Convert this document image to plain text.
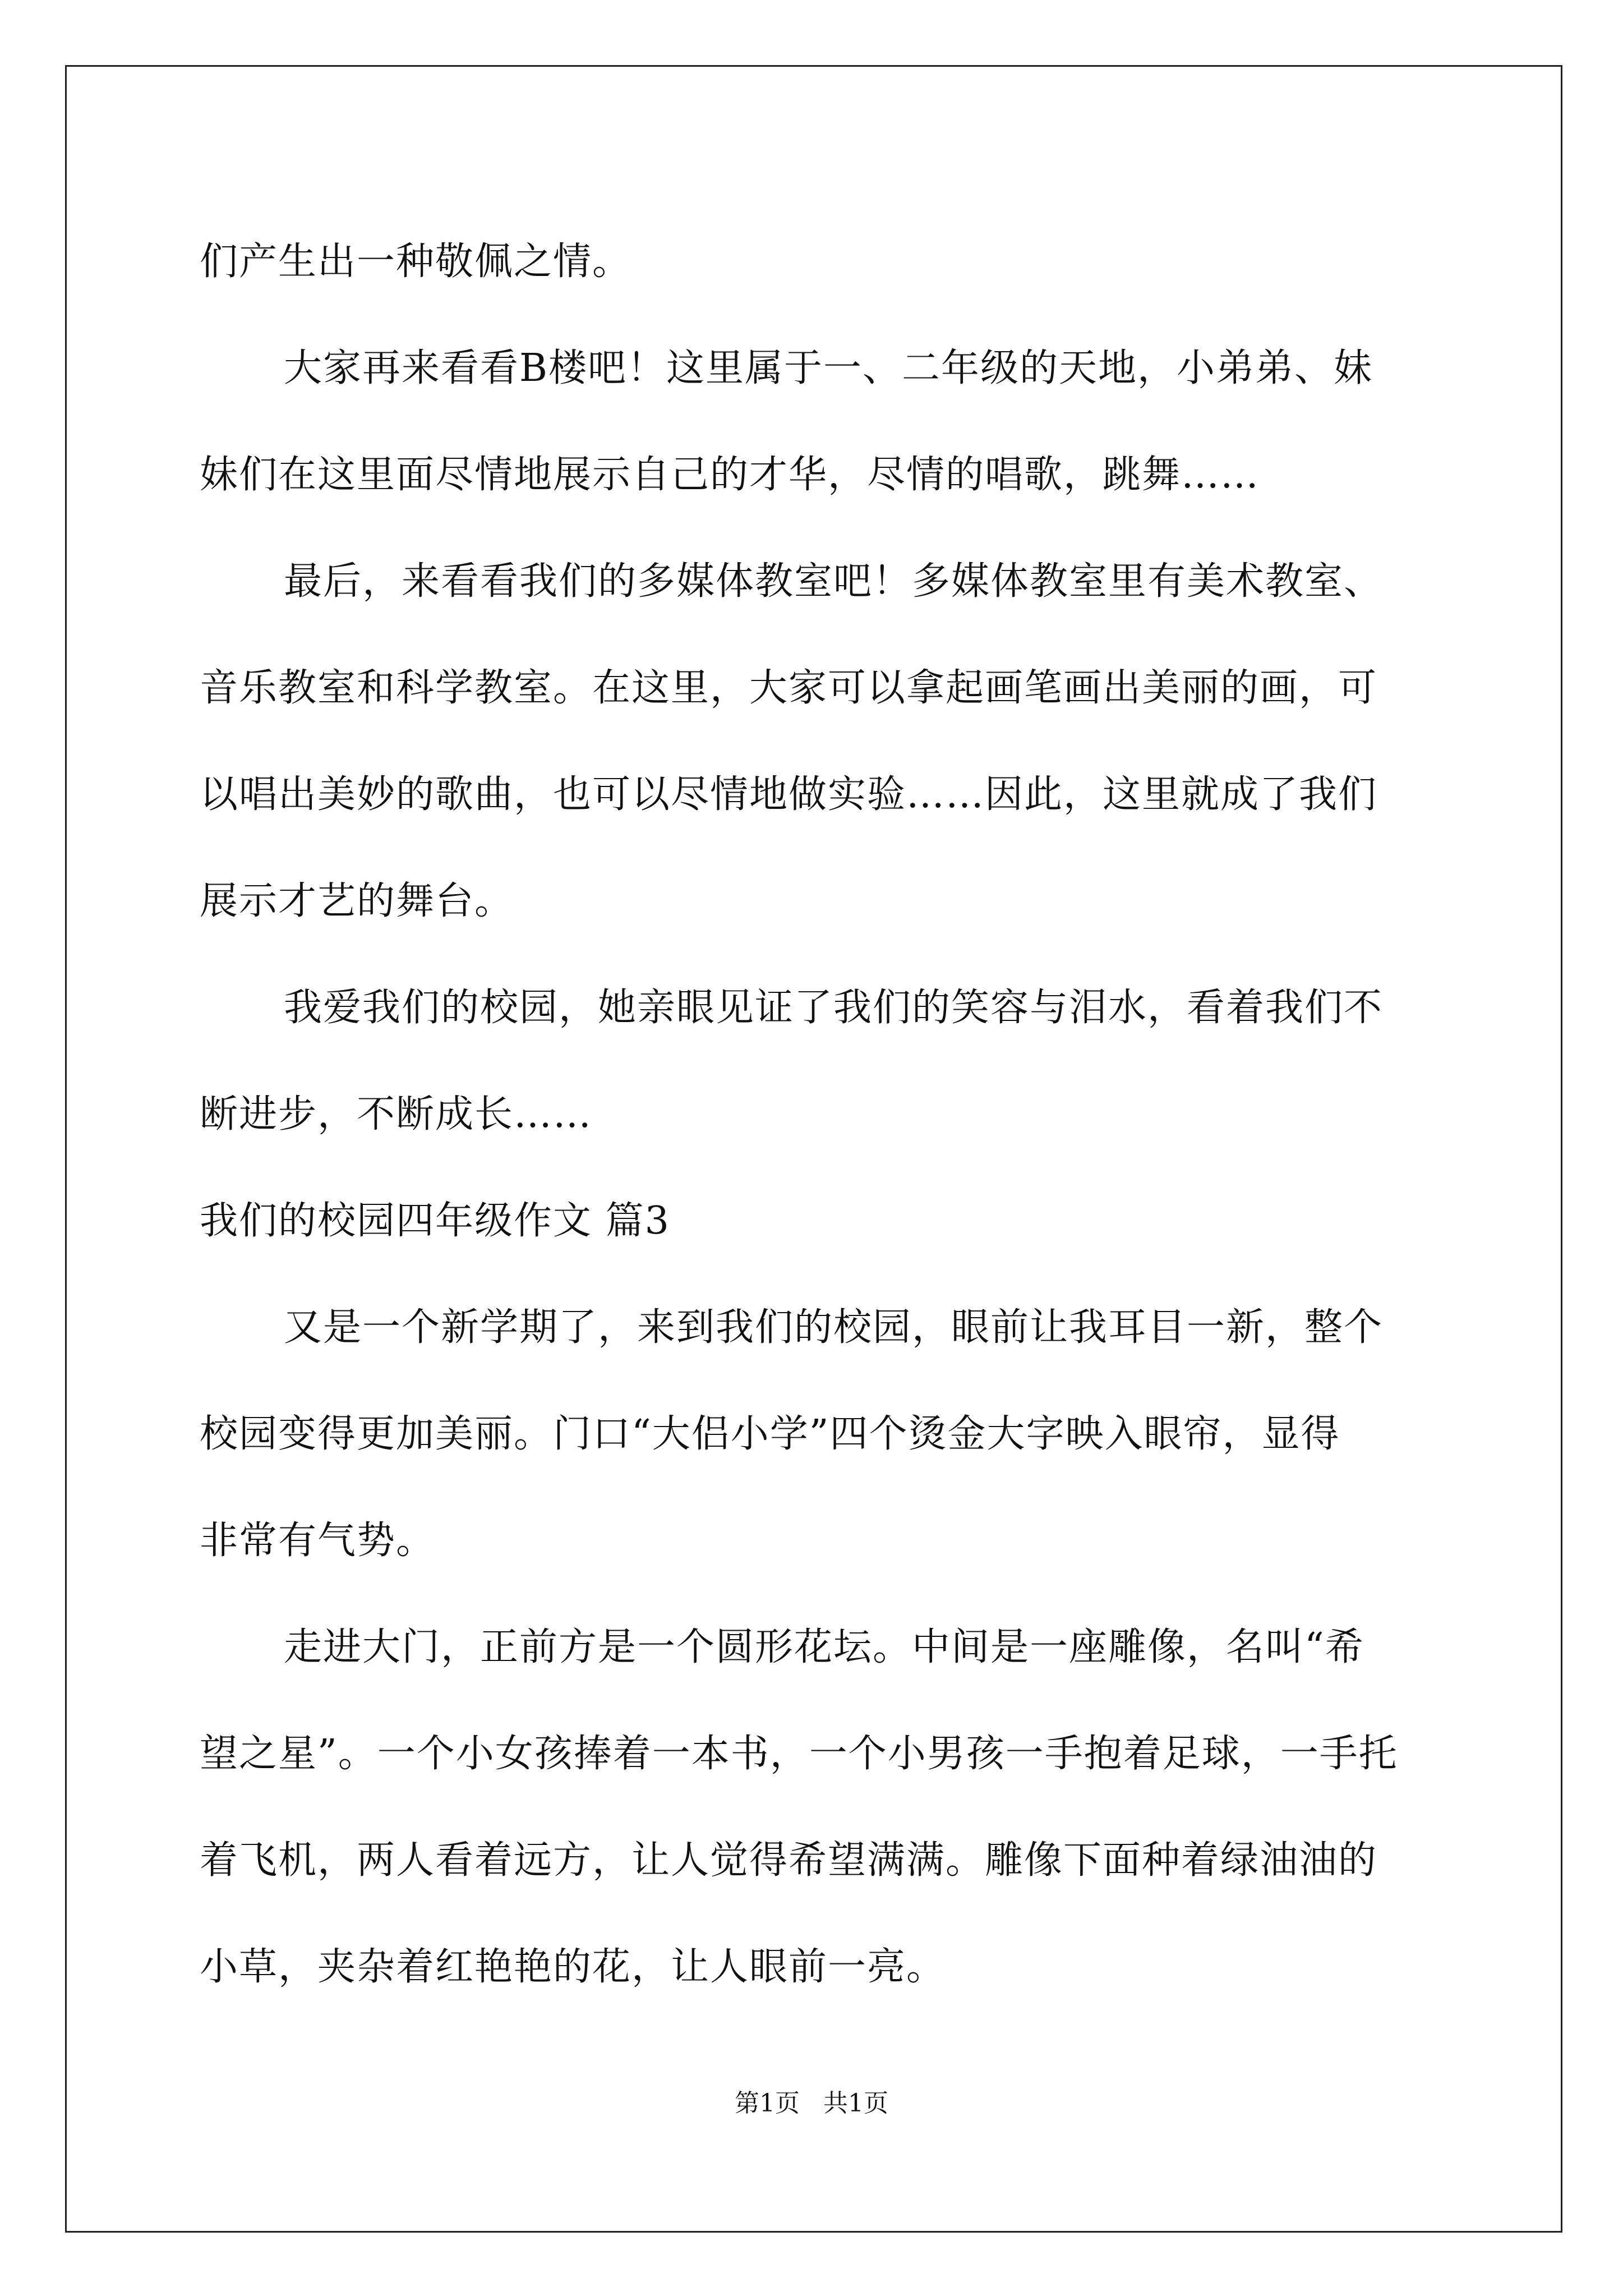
们产生出一种敬佩之情。
大家再来看看B楼吧！这里属于一、二年级的天地，小弟弟、妹
妹们在这里面尽情地展示自己的才华，尽情的唱歌，跳舞……
最后，来看看我们的多媒体教室吧！多媒体教室里有美术教室、
音乐教室和科学教室。在这里，大家可以拿起画笔画出美丽的画，可
以唱出美妙的歌曲，也可以尽情地做实验……因此，这里就成了我们
展示才艺的舞台。
我爱我们的校园，她亲眼见证了我们的笑容与泪水，看着我们不
断进步，不断成长……
我们的校园四年级作文 篇3
又是一个新学期了，来到我们的校园，眼前让我耳目一新，整个
校园变得更加美丽。门口“大侣小学”四个烫金大字映入眼帘，显得
非常有气势。
走进大门，正前方是一个圆形花坛。中间是一座雕像，名叫“希
望之星”。一个小女孩捧着一本书，一个小男孩一手抱着足球，一手托
着飞机，两人看着远方，让人觉得希望满满。雕像下面种着绿油油的
小草，夹杂着红艳艳的花，让人眼前一亮。
第1页   共1页
